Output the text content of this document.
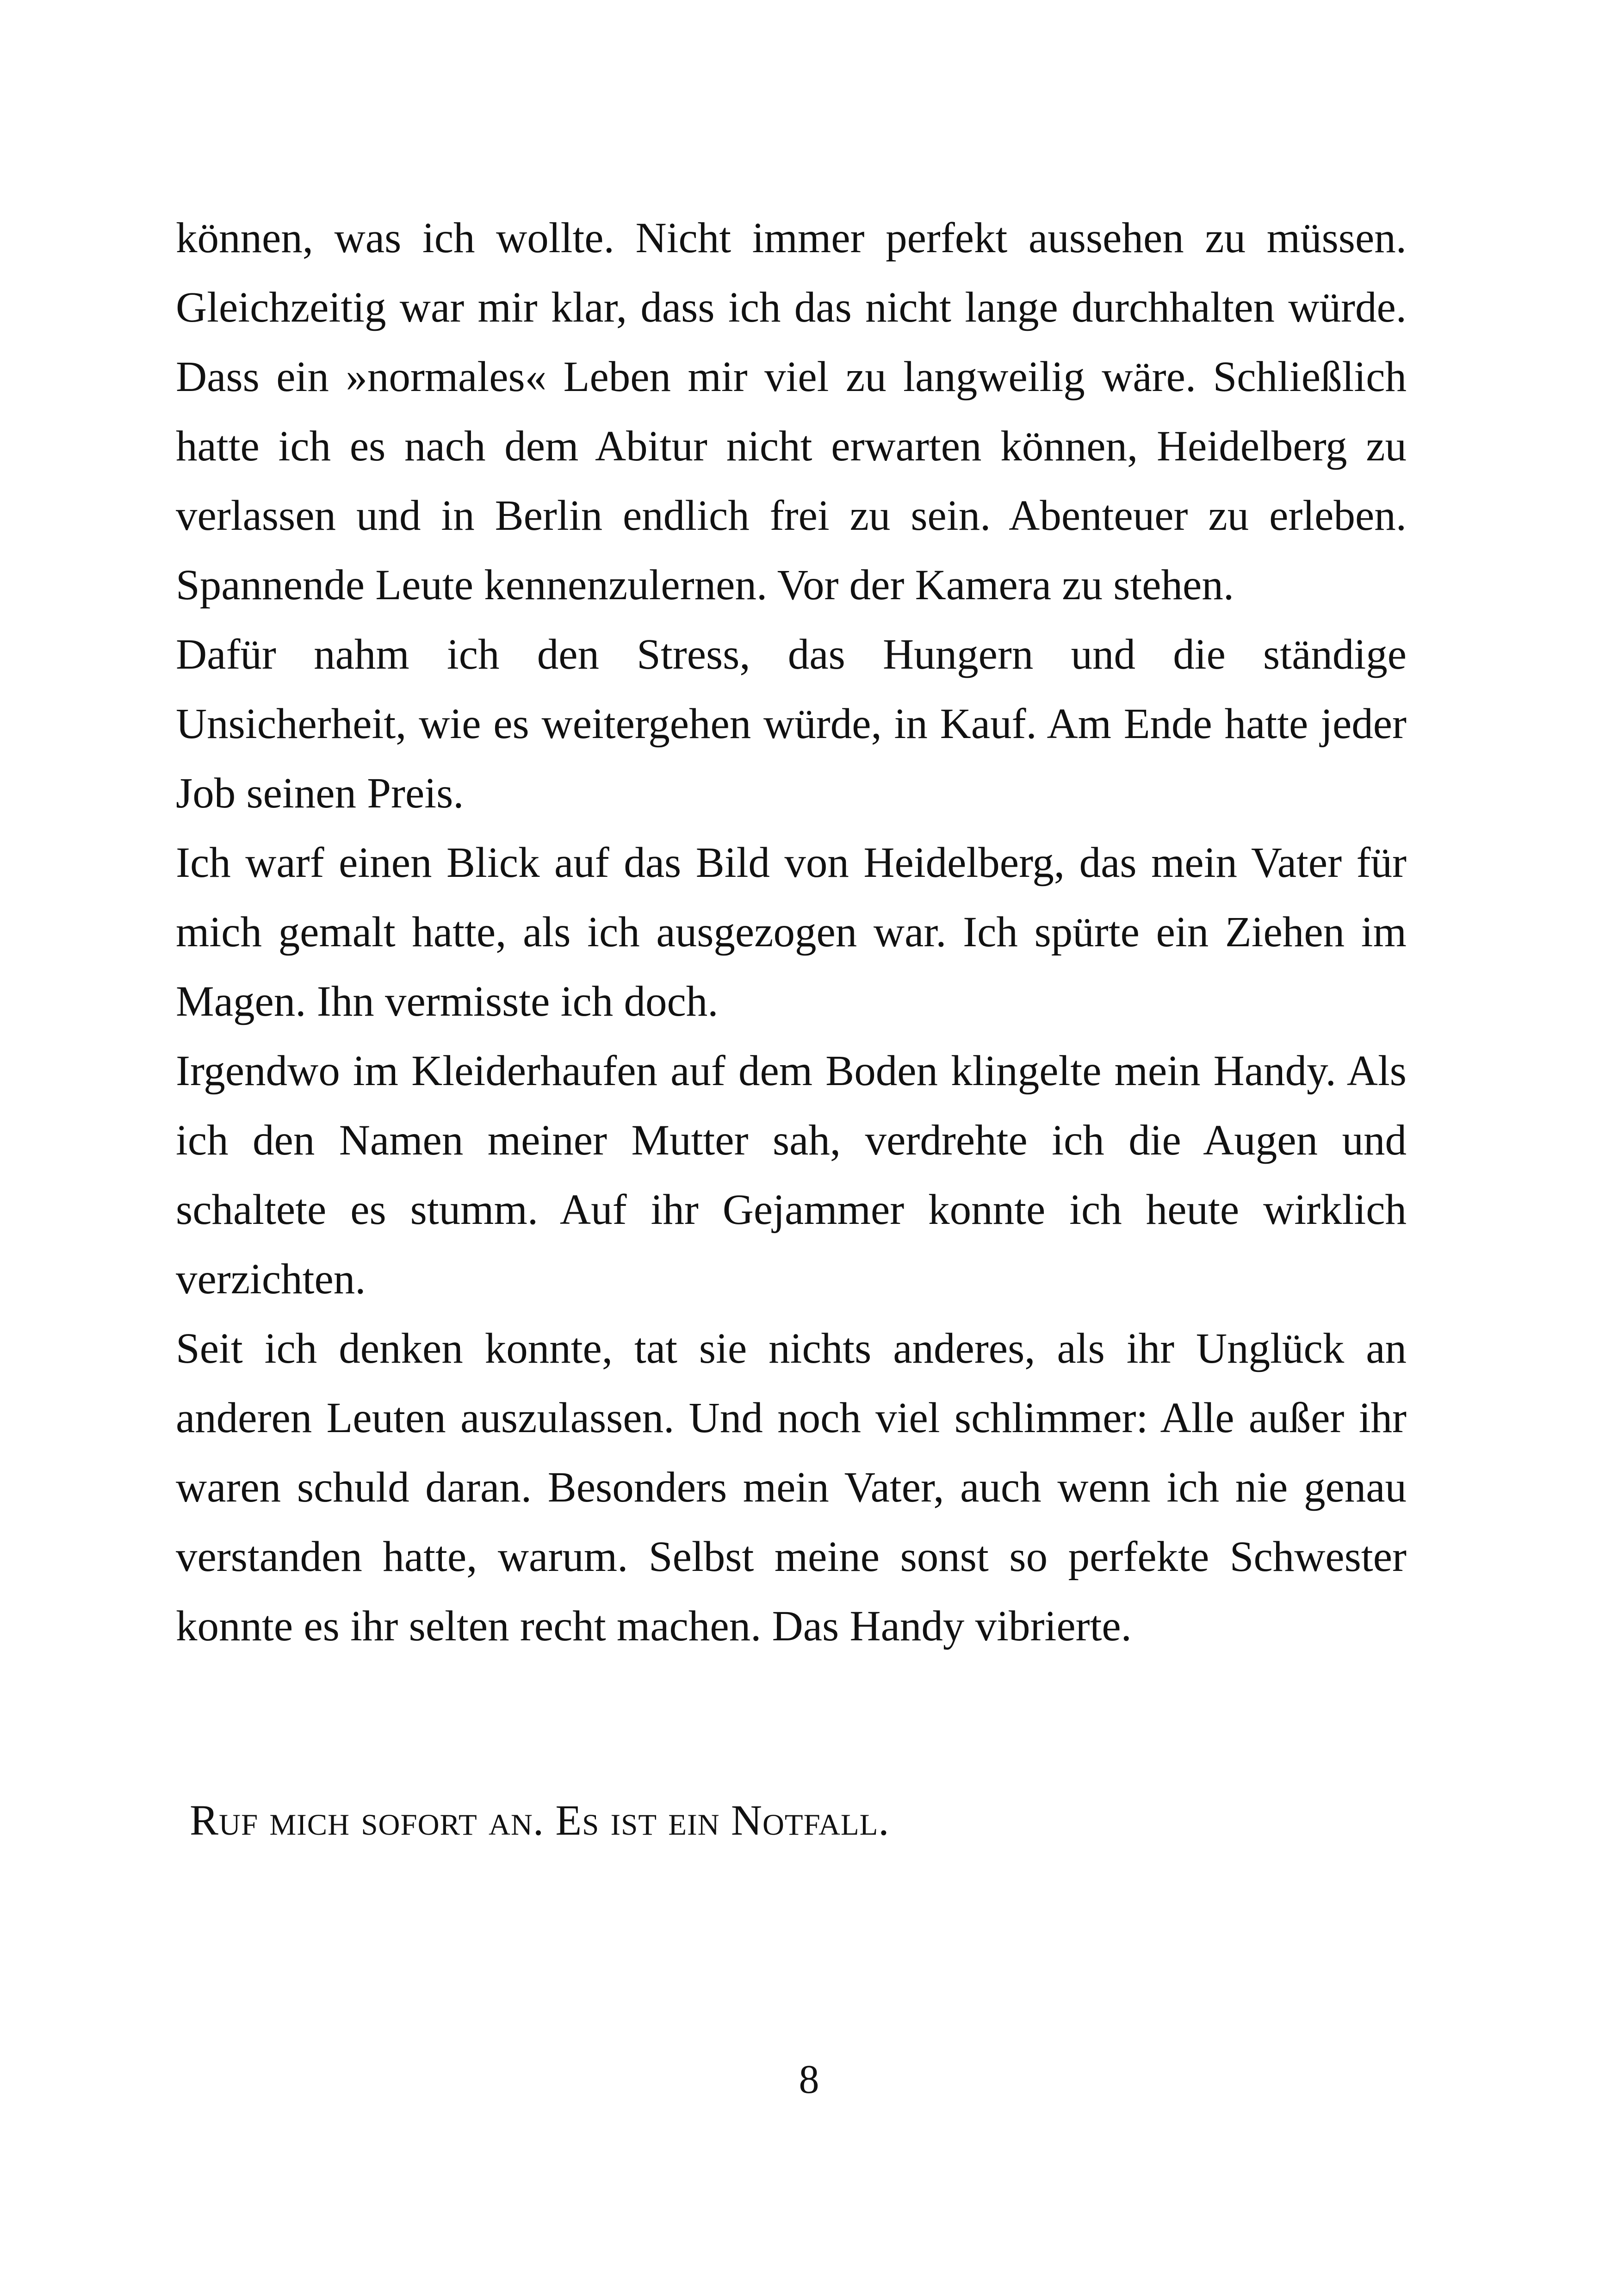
können, was ich wollte. Nicht immer perfekt aussehen zu müssen. Gleichzeitig war mir klar, dass ich das nicht lange durchhalten würde. Dass ein »normales« Leben mir viel zu langweilig wäre. Schließlich hatte ich es nach dem Abitur nicht erwarten können, Heidelberg zu verlassen und in Berlin endlich frei zu sein. Abenteuer zu erleben. Spannende Leute kennenzulernen. Vor der Kamera zu stehen.

Dafür nahm ich den Stress, das Hungern und die ständige Unsicherheit, wie es weitergehen würde, in Kauf. Am Ende hatte jeder Job seinen Preis.

Ich warf einen Blick auf das Bild von Heidelberg, das mein Vater für mich gemalt hatte, als ich ausgezogen war. Ich spürte ein Ziehen im Magen. Ihn vermisste ich doch.

Irgendwo im Kleiderhaufen auf dem Boden klingelte mein Handy. Als ich den Namen meiner Mutter sah, verdrehte ich die Augen und schaltete es stumm. Auf ihr Gejammer konnte ich heute wirklich verzichten.

Seit ich denken konnte, tat sie nichts anderes, als ihr Unglück an anderen Leuten auszulassen. Und noch viel schlimmer: Alle außer ihr waren schuld daran. Besonders mein Vater, auch wenn ich nie genau verstanden hatte, warum. Selbst meine sonst so perfekte Schwester konnte es ihr selten recht machen. Das Handy vibrierte.

Ruf mich sofort an. Es ist ein Notfall.

8
